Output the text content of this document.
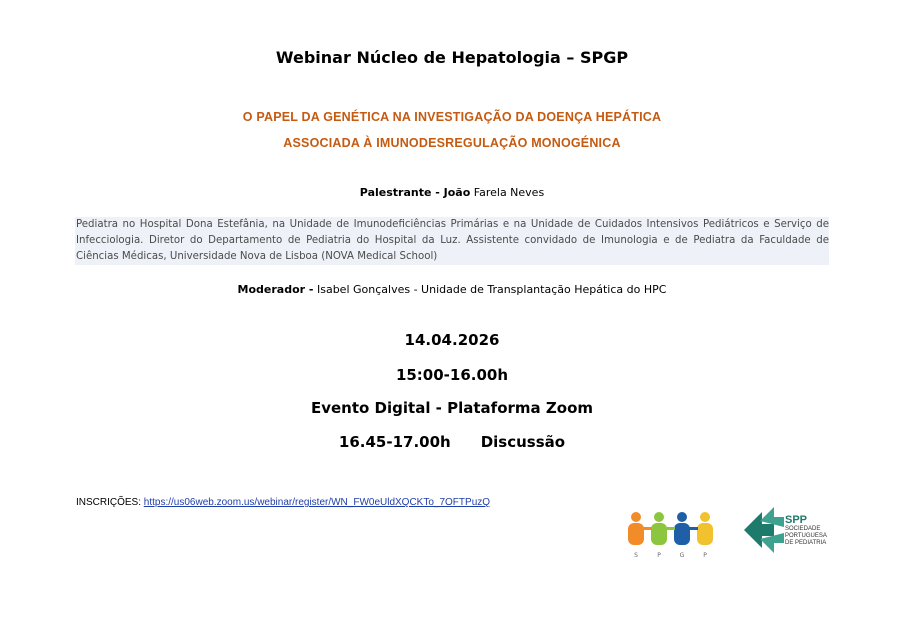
Webinar Núcleo de Hepatologia – SPGP
O PAPEL DA GENÉTICA NA INVESTIGAÇÃO DA DOENÇA HEPÁTICA
ASSOCIADA À IMUNODESREGULAÇÃO MONOGÉNICA
Palestrante - João Farela Neves
Pediatra no Hospital Dona Estefânia, na Unidade de Imunodeficiências Primárias e na Unidade de Cuidados Intensivos Pediátricos e Serviço de Infecciologia. Diretor do Departamento de Pediatria do Hospital da Luz. Assistente convidado de Imunologia e de Pediatra da Faculdade de Ciências Médicas, Universidade Nova de Lisboa (NOVA Medical School)
Moderador - Isabel Gonçalves - Unidade de Transplantação Hepática do HPC
14.04.2026
15:00-16.00h
Evento Digital - Plataforma Zoom
16.45-17.00h Discussão
INSCRIÇÕES: https://us06web.zoom.us/webinar/register/WN_FW0eUldXQCKTo_7OFTPuzQ
S	P	G	P
SPP
SOCIEDADE
PORTUGUESA
DE PEDIATRIA
